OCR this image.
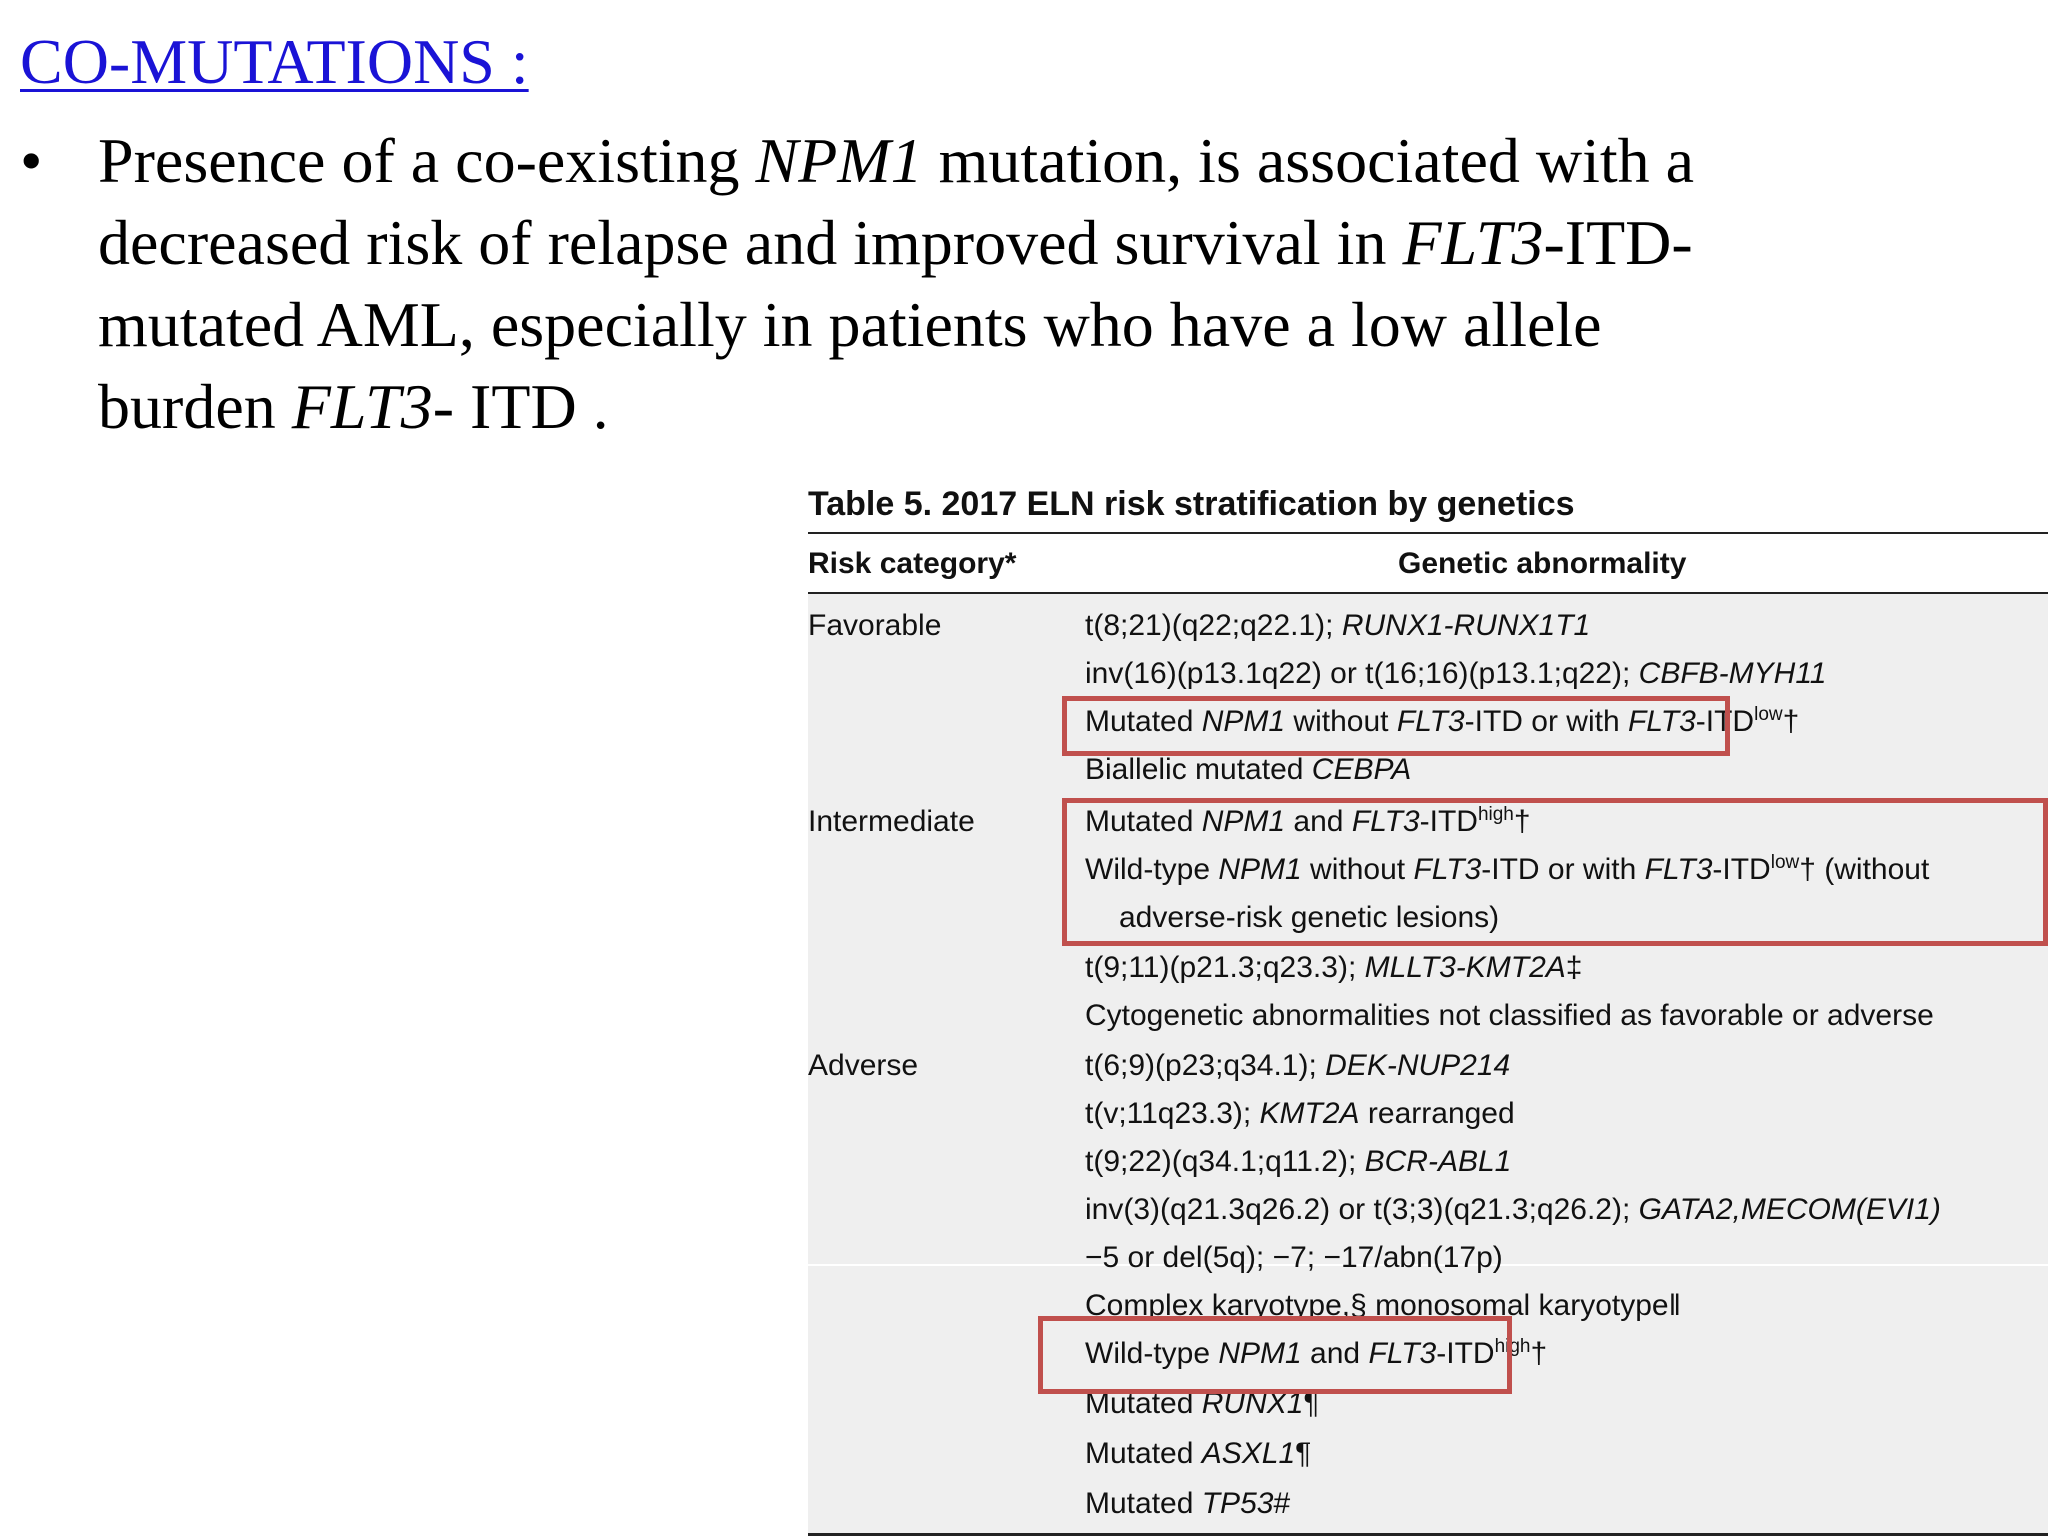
CO-MUTATIONS :
• Presence of a co-existing NPM1 mutation, is associated with a
decreased risk of relapse and improved survival in FLT3-ITD-
mutated AML, especially in patients who have a low allele
burden FLT3- ITD .
Table 5. 2017 ELN risk stratification by genetics
Risk category*	Genetic abnormality
Favorable
Intermediate
Adverse
t(8;21)(q22;q22.1); RUNX1-RUNX1T1
inv(16)(p13.1q22) or t(16;16)(p13.1;q22); CBFB-MYH11
Mutated NPM1 without FLT3-ITD or with $FLT3-ITD^{low}\dagger$
Biallelic mutated CEBPA
Mutated NPM1 and $FLT3-ITD^{high}\dagger$
Wild-type NPM1 without FLT3-ITD or with $FLT3-ITD^{low}\dagger$ (without
adverse-risk genetic lesions)
t(9;11)(p21.3;q23.3); MLLT3-KMT2A‡
Cytogenetic abnormalities not classified as favorable or adverse
t(6;9)(p23;q34.1); DEK-NUP214
t(v;11q23.3); KMT2A rearranged
t(9;22)(q34.1;q11.2); BCR-ABL1
inv(3)(q21.3q26.2) or t(3;3)(q21.3;q26.2); GATA2,MECOM(EVI1)
−5 or del(5q); −7; −17/abn(17p)
Complex karyotype,§ monosomal karyotype‖
Wild-type NPM1 and $FLT3-ITD^{high}\dagger$
Mutated RUNX1¶
Mutated ASXL1¶
Mutated TP53#
